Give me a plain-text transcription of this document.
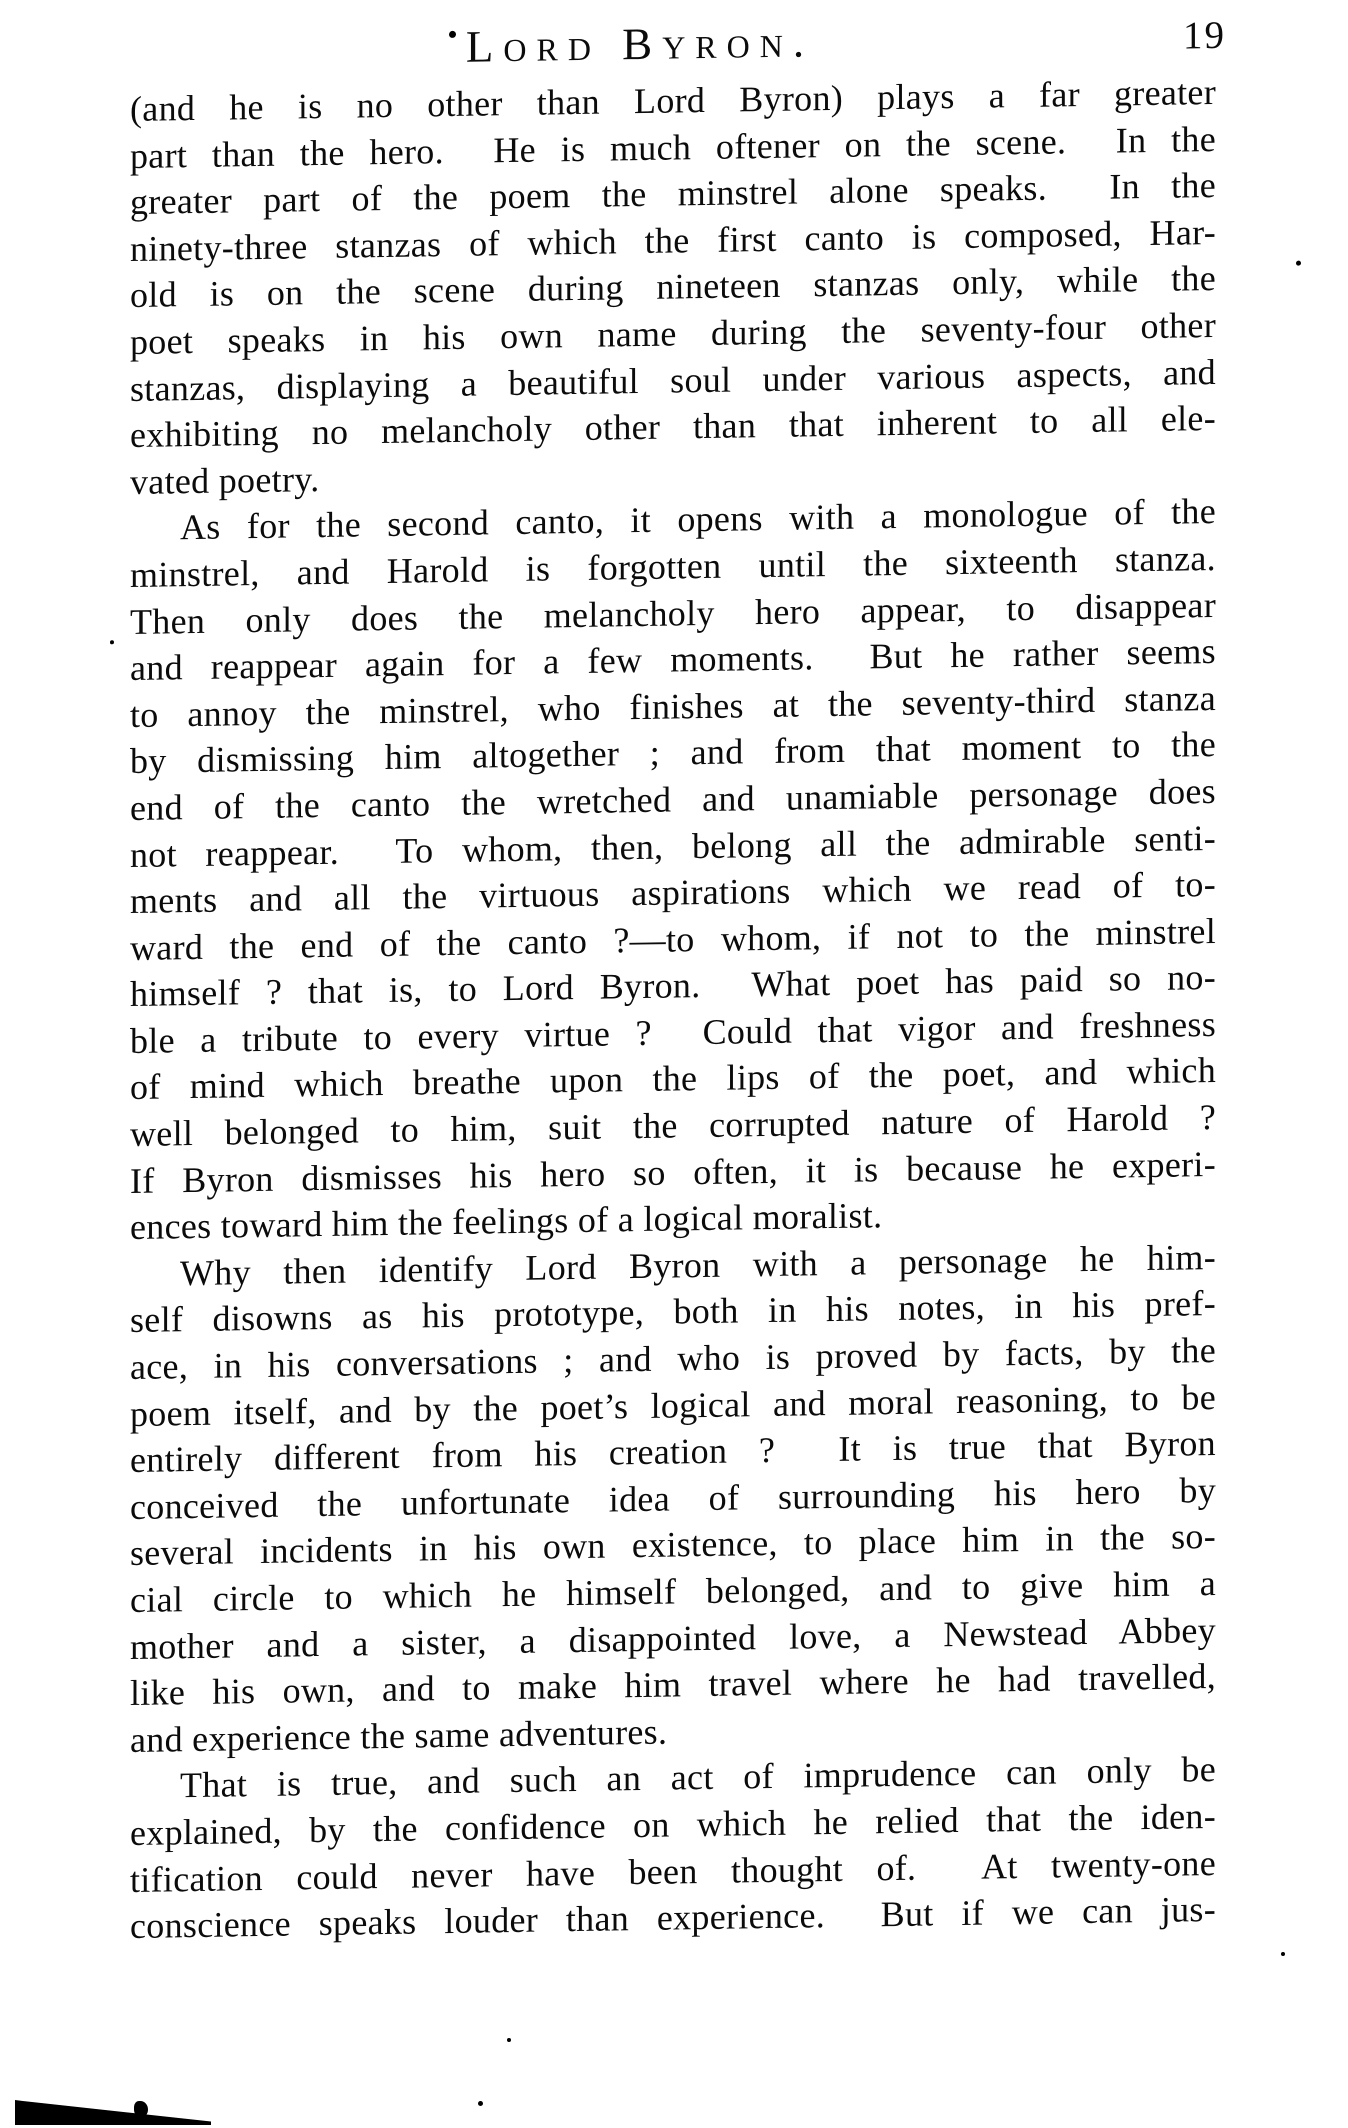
Lord Byron.	19
(and he is no other than Lord Byron) plays a far greater
part than the hero.  He is much oftener on the scene.  In the
greater part of the poem the minstrel alone speaks.  In the
ninety-three stanzas of which the first canto is composed, Har-
old is on the scene during nineteen stanzas only, while the
poet speaks in his own name during the seventy-four other
stanzas, displaying a beautiful soul under various aspects, and
exhibiting no melancholy other than that inherent to all ele-
vated poetry.
As for the second canto, it opens with a monologue of the
minstrel, and Harold is forgotten until the sixteenth stanza.
Then only does the melancholy hero appear, to disappear
and reappear again for a few moments.  But he rather seems
to annoy the minstrel, who finishes at the seventy-third stanza
by dismissing him altogether ; and from that moment to the
end of the canto the wretched and unamiable personage does
not reappear.  To whom, then, belong all the admirable senti-
ments and all the virtuous aspirations which we read of to-
ward the end of the canto ?—to whom, if not to the minstrel
himself ? that is, to Lord Byron.  What poet has paid so no-
ble a tribute to every virtue ?  Could that vigor and freshness
of mind which breathe upon the lips of the poet, and which
well belonged to him, suit the corrupted nature of Harold ?
If Byron dismisses his hero so often, it is because he experi-
ences toward him the feelings of a logical moralist.
Why then identify Lord Byron with a personage he him-
self disowns as his prototype, both in his notes, in his pref-
ace, in his conversations ; and who is proved by facts, by the
poem itself, and by the poet’s logical and moral reasoning, to be
entirely different from his creation ?  It is true that Byron
conceived the unfortunate idea of surrounding his hero by
several incidents in his own existence, to place him in the so-
cial circle to which he himself belonged, and to give him a
mother and a sister, a disappointed love, a Newstead Abbey
like his own, and to make him travel where he had travelled,
and experience the same adventures.
That is true, and such an act of imprudence can only be
explained, by the confidence on which he relied that the iden-
tification could never have been thought of.  At twenty-one
conscience speaks louder than experience.  But if we can jus-
